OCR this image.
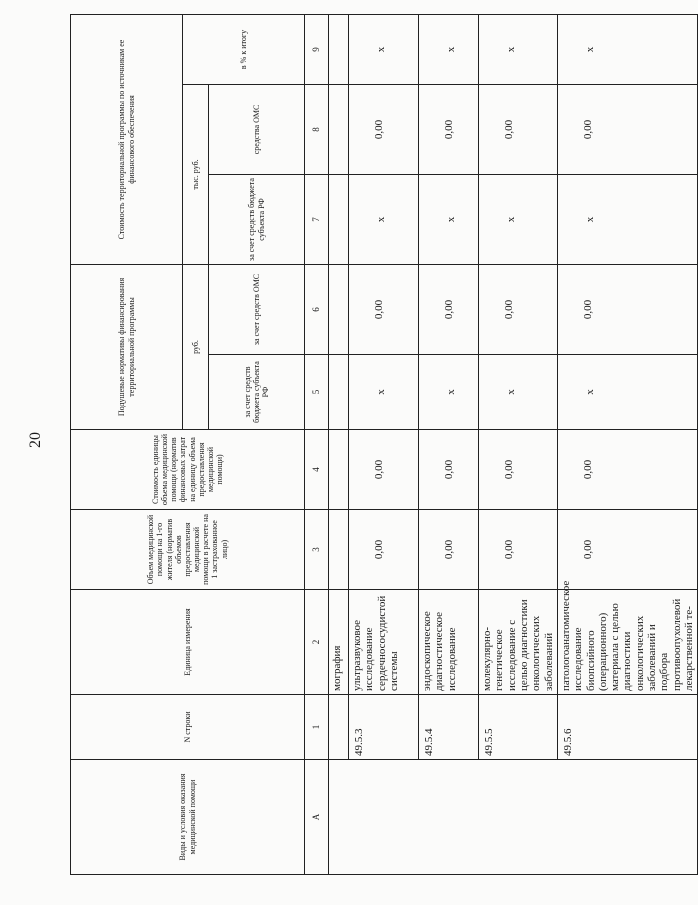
20
Виды и условия оказания медицинской помощи	N строки	Единица измерения	Объем медицинской помощи на 1-го жителя (норматив объемов предоставления медицинской помощи в расчете на 1 застрахованное лицо)	Стоимость единицы объема медицинской помощи (норматив финансовых затрат на единицу объема предоставления медицинской помощи)	Подушевые нормативы финансирования территориальной программы		Стоимость территориальной программы по источникам ее финансового обеспечения		
					руб.		тыс. руб.		в % к итогу
					за счет средств бюджета субъекта РФ	за счет средств ОМС	за счет средств бюджета субъекта РФ	средства ОМС	
А	1	2	3	4	5	6	7	8	9
		мография							
	49.5.3	ультразвуковое исследование сердечнососудистой системы	0,00	0,00	х	0,00	х	0,00	х
	49.5.4	эндоскопическое диагностическое исследование	0,00	0,00	х	0,00	х	0,00	х
	49.5.5	молекулярно-генетическое исследование с целью диагностики онкологических заболеваний	0,00	0,00	х	0,00	х	0,00	х
	49.5.6	патологоанатомическое исследование биопсийного (операционного) материала с целью диагностики онкологических заболеваний и подбора противоопухолевой лекарственной те-	0,00	0,00	х	0,00	х	0,00	х
